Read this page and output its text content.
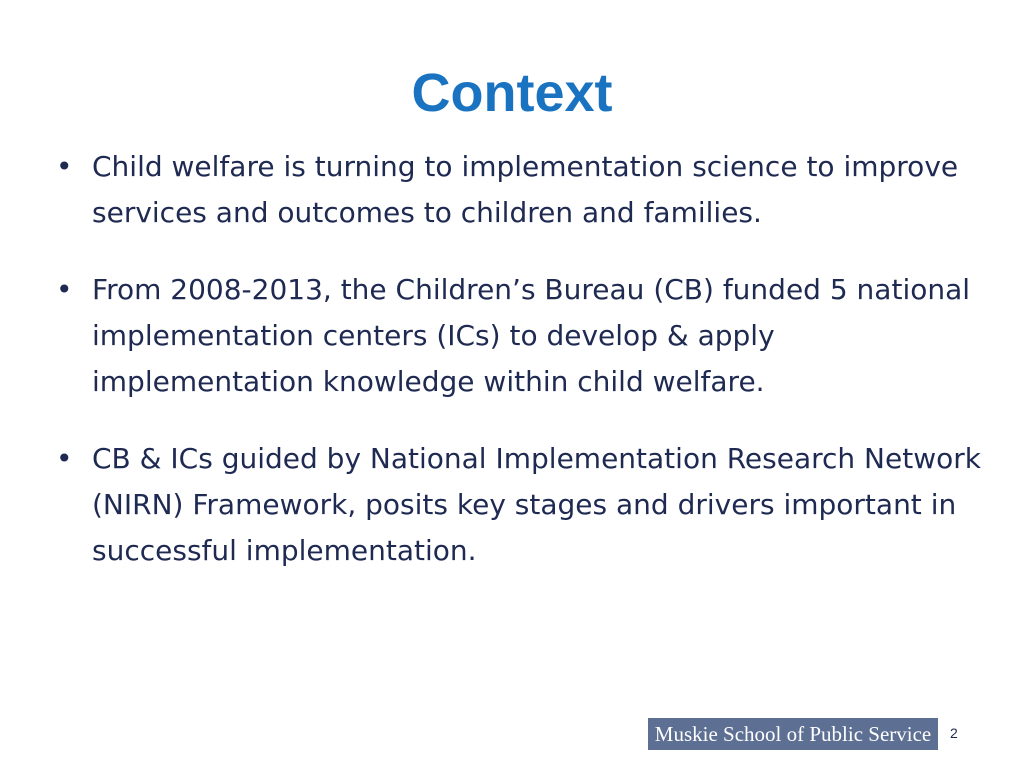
Context
• Child welfare is turning to implementation science to improve services and outcomes to children and families.
• From 2008-2013, the Children’s Bureau (CB) funded 5 national implementation centers (ICs) to develop & apply implementation knowledge within child welfare.
• CB & ICs guided by National Implementation Research Network (NIRN) Framework, posits key stages and drivers important in successful implementation.
Muskie School of Public Service	2
